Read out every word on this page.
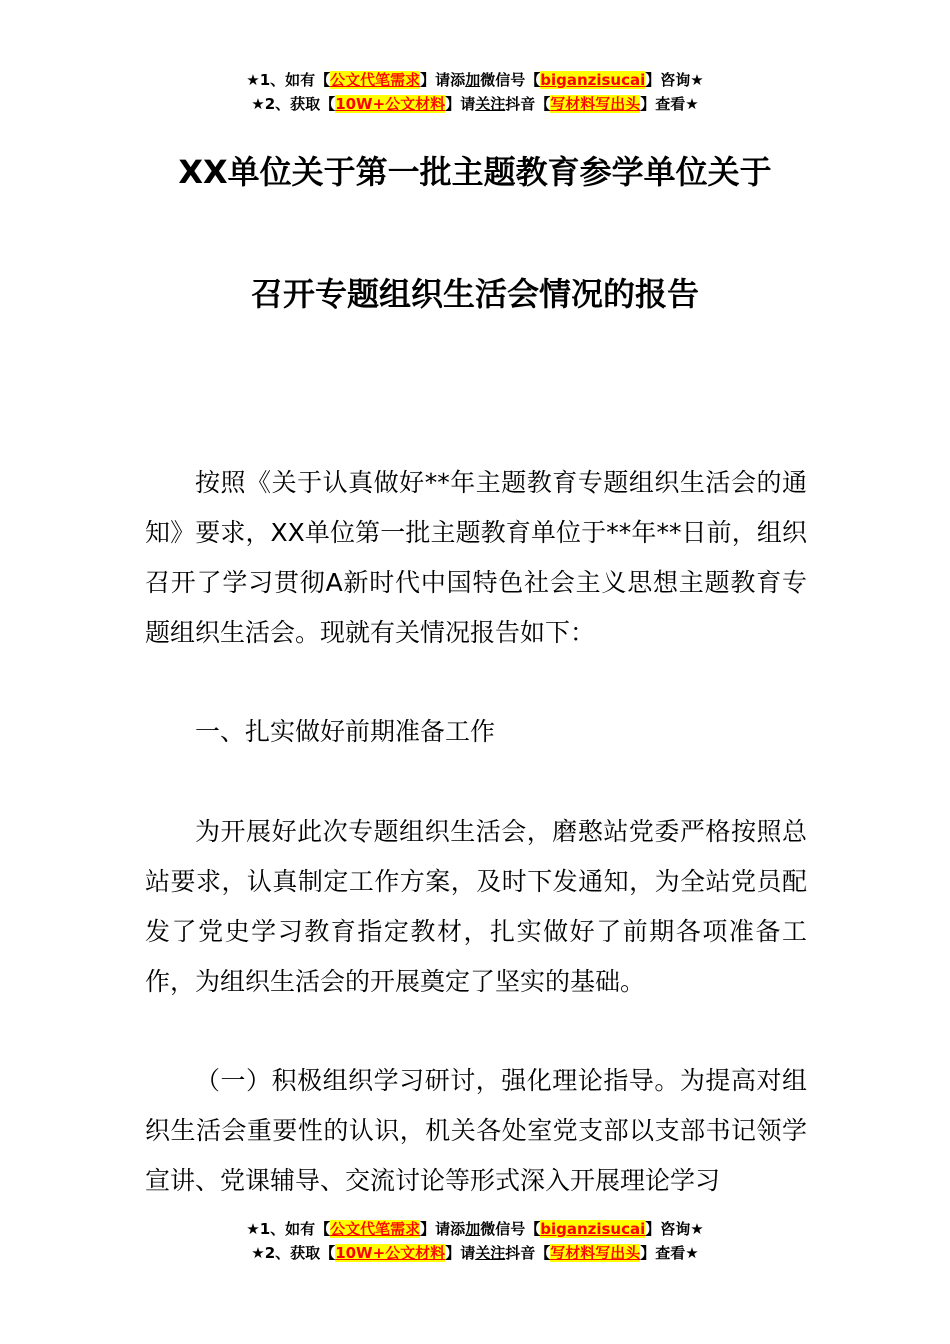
★1、如有【公文代笔需求】请添加微信号【biganzisucai】咨询★
★2、获取【10W+公文材料】请关注抖音【写材料写出头】查看★
XX单位关于第一批主题教育参学单位关于
召开专题组织生活会情况的报告

按照《关于认真做好**年主题教育专题组织生活会的通知》要求，XX单位第一批主题教育单位于**年**日前，组织召开了学习贯彻A新时代中国特色社会主义思想主题教育专题组织生活会。现就有关情况报告如下：

一、扎实做好前期准备工作

为开展好此次专题组织生活会，磨憨站党委严格按照总站要求，认真制定工作方案，及时下发通知，为全站党员配发了党史学习教育指定教材，扎实做好了前期各项准备工作，为组织生活会的开展奠定了坚实的基础。

（一）积极组织学习研讨，强化理论指导。为提高对组织生活会重要性的认识，机关各处室党支部以支部书记领学宣讲、党课辅导、交流讨论等形式深入开展理论学习

★1、如有【公文代笔需求】请添加微信号【biganzisucai】咨询★
★2、获取【10W+公文材料】请关注抖音【写材料写出头】查看★
